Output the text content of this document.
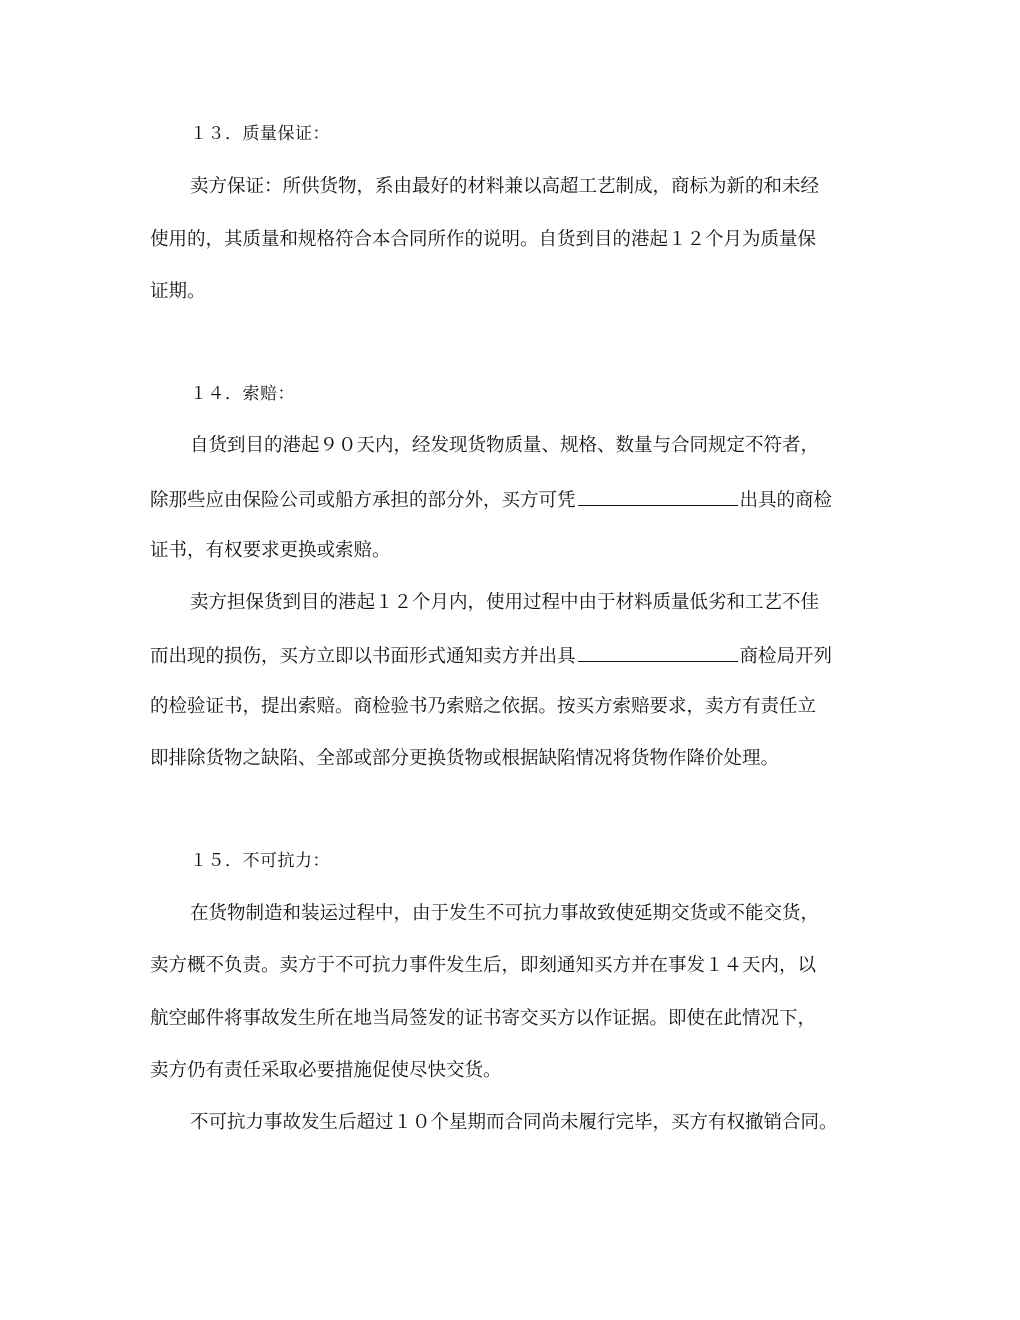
１３．质量保证：
卖方保证：所供货物，系由最好的材料兼以高超工艺制成，商标为新的和未经
使用的，其质量和规格符合本合同所作的说明。自货到目的港起１２个月为质量保
证期。
１４．索赔：
自货到目的港起９０天内，经发现货物质量、规格、数量与合同规定不符者，
除那些应由保险公司或船方承担的部分外，买方可凭	出具的商检
证书，有权要求更换或索赔。
卖方担保货到目的港起１２个月内，使用过程中由于材料质量低劣和工艺不佳
而出现的损伤，买方立即以书面形式通知卖方并出具	商检局开列
的检验证书，提出索赔。商检验书乃索赔之依据。按买方索赔要求，卖方有责任立
即排除货物之缺陷、全部或部分更换货物或根据缺陷情况将货物作降价处理。
１５．不可抗力：
在货物制造和装运过程中，由于发生不可抗力事故致使延期交货或不能交货，
卖方概不负责。卖方于不可抗力事件发生后，即刻通知买方并在事发１４天内，以
航空邮件将事故发生所在地当局签发的证书寄交买方以作证据。即使在此情况下，
卖方仍有责任采取必要措施促使尽快交货。
不可抗力事故发生后超过１０个星期而合同尚未履行完毕，买方有权撤销合同。
